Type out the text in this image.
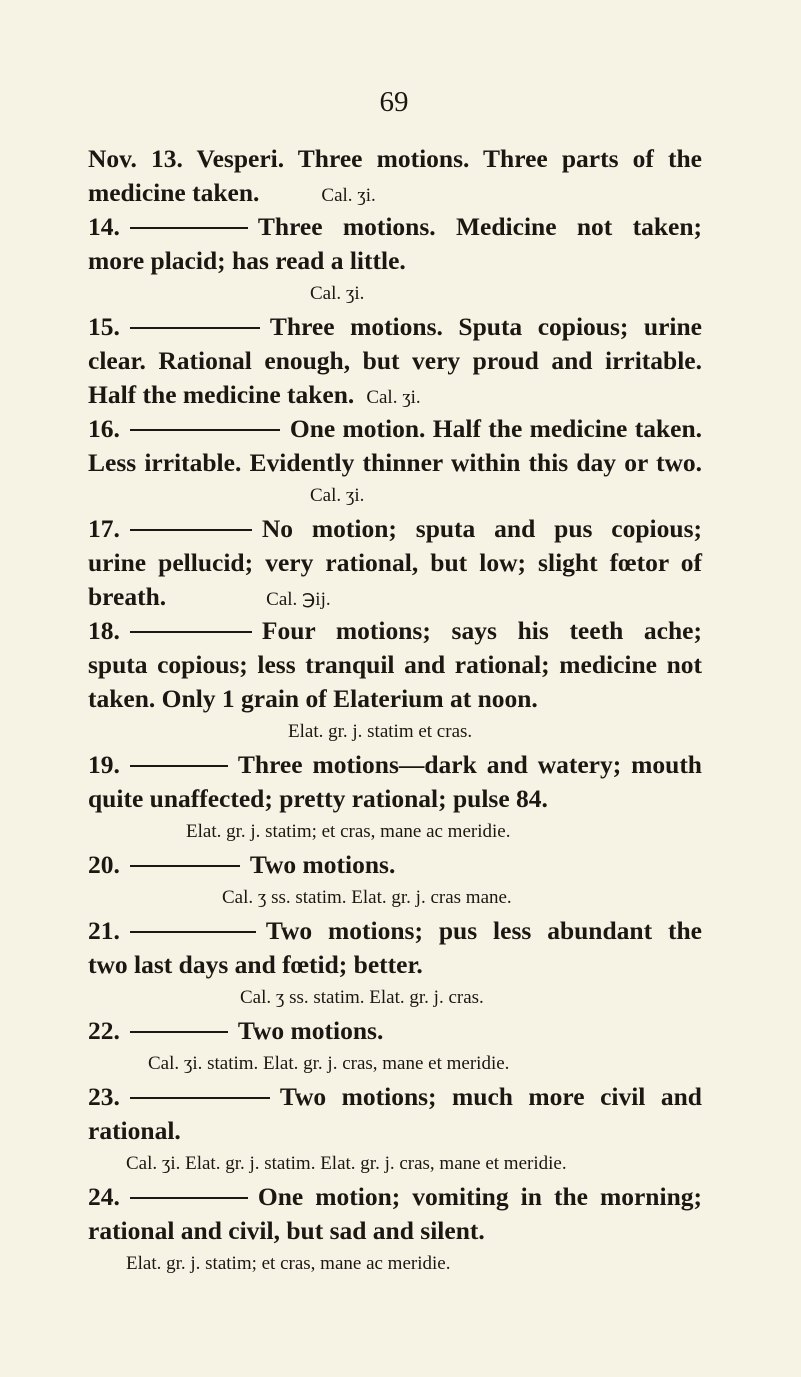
69
Nov. 13. Vesperi. Three motions. Three parts of the
medicine taken.	Cal. ʒi.
14.	Three motions. Medicine not taken;
more placid; has read a little.
Cal. ʒi.
15.	Three motions. Sputa copious; urine
clear. Rational enough, but very proud and irritable.
Half the medicine taken. Cal. ʒi.
16.	One motion. Half the medicine taken.
Less irritable. Evidently thinner within this day or two.
Cal. ʒi.
17.	No motion; sputa and pus copious;
urine pellucid; very rational, but low; slight fœtor of
breath.	Cal. ℈ij.
18.	Four motions; says his teeth ache;
sputa copious; less tranquil and rational; medicine not
taken. Only 1 grain of Elaterium at noon.
Elat. gr. j. statim et cras.
19.	Three motions—dark and watery; mouth
quite unaffected; pretty rational; pulse 84.
Elat. gr. j. statim; et cras, mane ac meridie.
20.	Two motions.
Cal. ʒ ss. statim. Elat. gr. j. cras mane.
21.	Two motions; pus less abundant the
two last days and fœtid; better.
Cal. ʒ ss. statim. Elat. gr. j. cras.
22.	Two motions.
Cal. ʒi. statim. Elat. gr. j. cras, mane et meridie.
23.	Two motions; much more civil and
rational.
Cal. ʒi. Elat. gr. j. statim. Elat. gr. j. cras, mane et meridie.
24.	One motion; vomiting in the morning;
rational and civil, but sad and silent.
Elat. gr. j. statim; et cras, mane ac meridie.
